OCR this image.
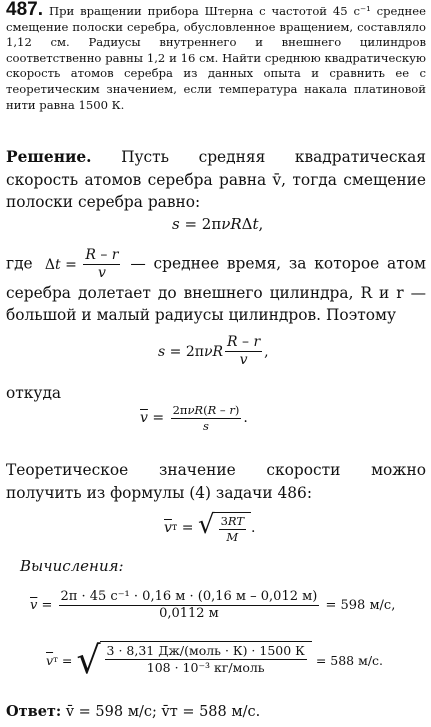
487. При вращении прибора Штерна с частотой 45 с⁻¹ среднее смещение полоски серебра, обусловленное вращением, составляло 1,12 см. Радиусы внутреннего и внешнего цилиндров соответственно равны 1,2 и 16 см. Найти среднюю квадратическую скорость атомов серебра из данных опыта и сравнить ее с теоретическим значением, если температура накала платиновой нити равна 1500 К.
Решение. Пусть средняя квадратическая скорость атомов серебра равна v̄, тогда смещение полоски серебра равно:
s = 2π νR Δ t ,
где  Δ $t = \frac{R - r}{v}$ — среднее время, за которое атом серебра долетает до внешнего цилиндра, R и r — большой и малый радиусы цилиндров. Поэтому
s = 2π νR $\frac{R - r}{v}$ ,
откуда
$\overline{v} = \frac{\text{2πνR(R – r)}}{s}$ .
Теоретическое значение скорости можно получить из формулы (4) задачи 486:
$\overline{v}$ т = √ $\frac{3RT}{M}$ .
Вычисления:
$\overline{v} = \frac{\text{2π · 45 с⁻¹ · 0,16 м · (0,16 м – 0,012 м)}}{0,0112 м}$
= 598 м/с,
$\overline{v}$ т = √ $\frac{\text{3 · 8,31 Дж/(моль · К) · 1500 К}}{\text{108 · 10⁻³ кг/моль}}$
= 588 м/с.
Ответ: v̄ = 598 м/с; v̄т = 588 м/с.
